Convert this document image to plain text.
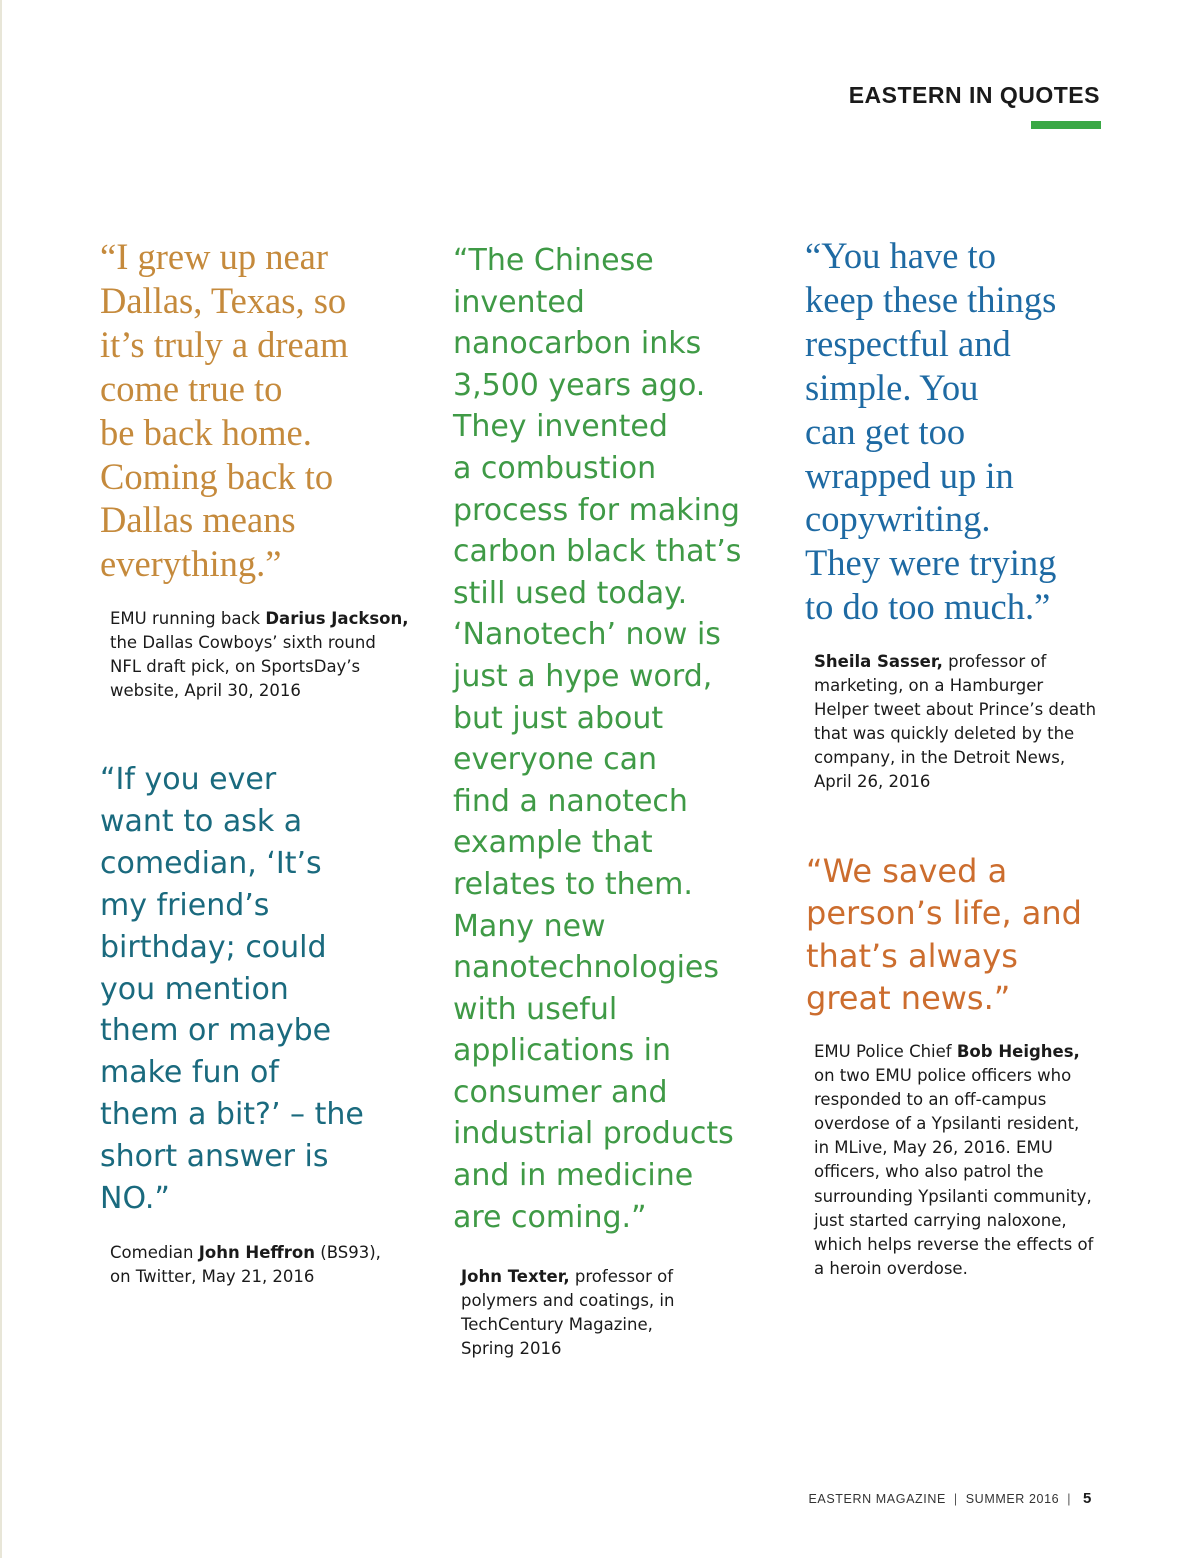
EASTERN IN QUOTES
“I grew up near
Dallas, Texas, so
it’s truly a dream
come true to
be back home.
Coming back to
Dallas means
everything.”
EMU running back Darius Jackson,
the Dallas Cowboys’ sixth round
NFL draft pick, on SportsDay’s
website, April 30, 2016
“If you ever
want to ask a
comedian, ‘It’s
my friend’s
birthday; could
you mention
them or maybe
make fun of
them a bit?’ – the
short answer is
NO.”
Comedian John Heffron (BS93),
on Twitter, May 21, 2016
“The Chinese
invented
nanocarbon inks
3,500 years ago.
They invented
a combustion
process for making
carbon black that’s
still used today.
‘Nanotech’ now is
just a hype word,
but just about
everyone can
find a nanotech
example that
relates to them.
Many new
nanotechnologies
with useful
applications in
consumer and
industrial products
and in medicine
are coming.”
John Texter, professor of
polymers and coatings, in
TechCentury Magazine,
Spring 2016
“You have to
keep these things
respectful and
simple. You
can get too
wrapped up in
copywriting.
They were trying
to do too much.”
Sheila Sasser, professor of
marketing, on a Hamburger
Helper tweet about Prince’s death
that was quickly deleted by the
company, in the Detroit News,
April 26, 2016
“We saved a
person’s life, and
that’s always
great news.”
EMU Police Chief Bob Heighes,
on two EMU police officers who
responded to an off-campus
overdose of a Ypsilanti resident,
in MLive, May 26, 2016. EMU
officers, who also patrol the
surrounding Ypsilanti community,
just started carrying naloxone,
which helps reverse the effects of
a heroin overdose.
EASTERN MAGAZINE | SUMMER 2016 | 5
